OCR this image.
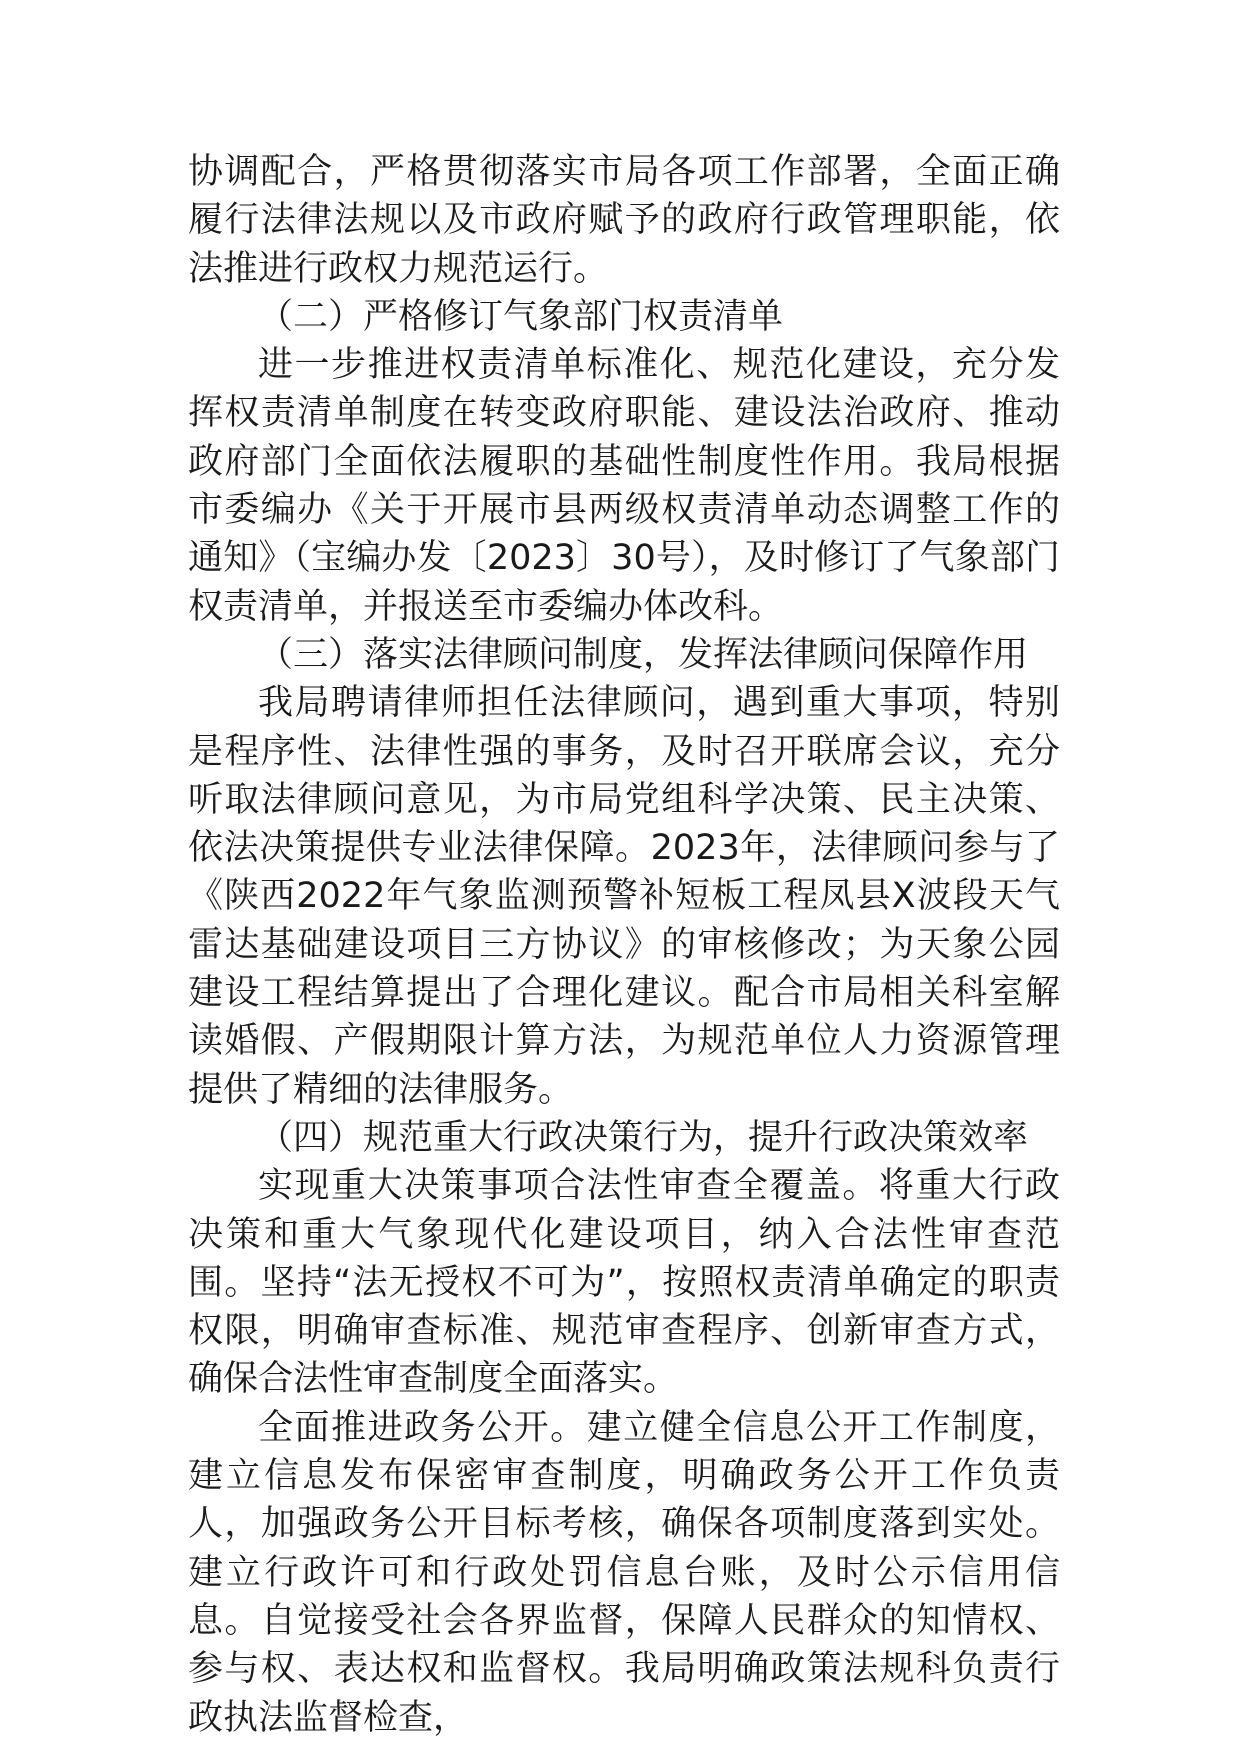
协调配合，严格贯彻落实市局各项工作部署，全面正确履行法律法规以及市政府赋予的政府行政管理职能，依法推进行政权力规范运行。

（二）严格修订气象部门权责清单

进一步推进权责清单标准化、规范化建设，充分发挥权责清单制度在转变政府职能、建设法治政府、推动政府部门全面依法履职的基础性制度性作用。我局根据市委编办《关于开展市县两级权责清单动态调整工作的通知》（宝编办发〔2023〕30号），及时修订了气象部门权责清单，并报送至市委编办体改科。

（三）落实法律顾问制度，发挥法律顾问保障作用

我局聘请律师担任法律顾问，遇到重大事项，特别是程序性、法律性强的事务，及时召开联席会议，充分听取法律顾问意见，为市局党组科学决策、民主决策、依法决策提供专业法律保障。2023年，法律顾问参与了《陕西2022年气象监测预警补短板工程凤县X波段天气雷达基础建设项目三方协议》的审核修改；为天象公园建设工程结算提出了合理化建议。配合市局相关科室解读婚假、产假期限计算方法，为规范单位人力资源管理提供了精细的法律服务。

（四）规范重大行政决策行为，提升行政决策效率

实现重大决策事项合法性审查全覆盖。将重大行政决策和重大气象现代化建设项目，纳入合法性审查范围。坚持“法无授权不可为”，按照权责清单确定的职责权限，明确审查标准、规范审查程序、创新审查方式，确保合法性审查制度全面落实。

全面推进政务公开。建立健全信息公开工作制度，建立信息发布保密审查制度，明确政务公开工作负责人，加强政务公开目标考核，确保各项制度落到实处。建立行政许可和行政处罚信息台账，及时公示信用信息。自觉接受社会各界监督，保障人民群众的知情权、参与权、表达权和监督权。我局明确政策法规科负责行政执法监督检查，
